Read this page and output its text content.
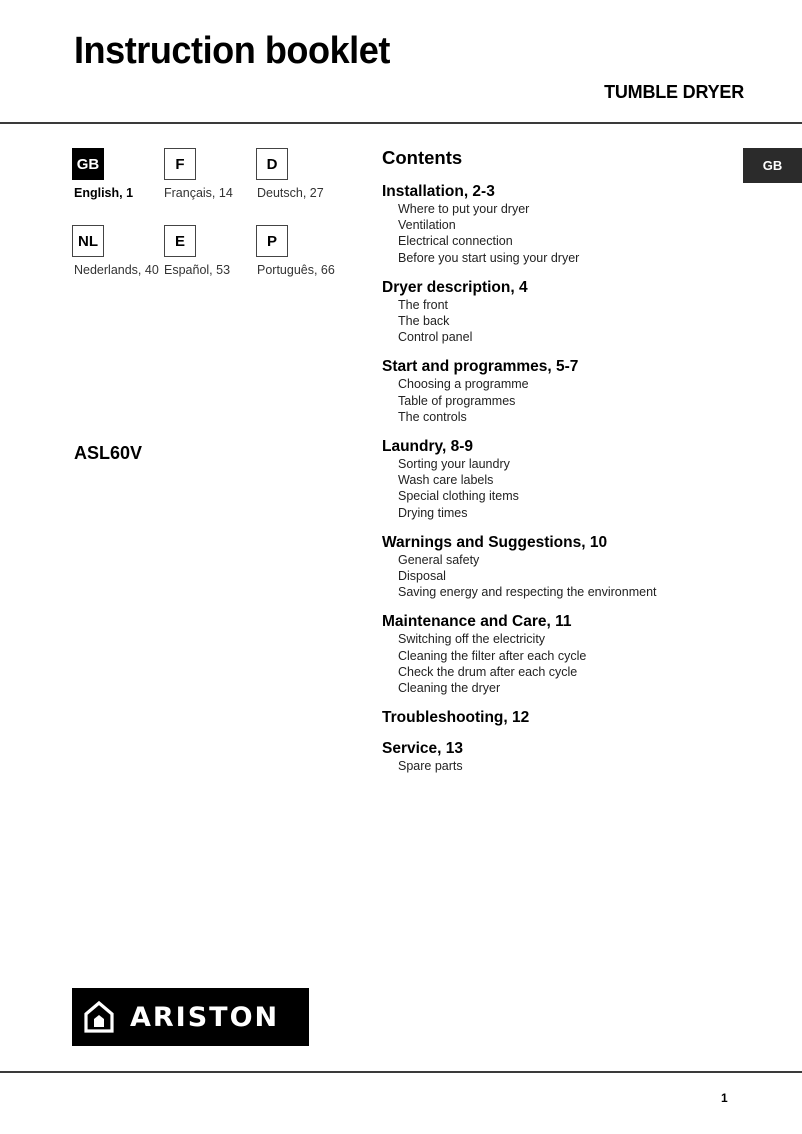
Instruction booklet
TUMBLE DRYER
GB
English, 1
F
Français, 14
D
Deutsch, 27
NL
Nederlands, 40
E
Español, 53
P
Português, 66
ASL60V
GB
Contents
Installation, 2-3
Where to put your dryer
Ventilation
Electrical connection
Before you start using your dryer
Dryer description, 4
The front
The back
Control panel
Start and programmes, 5-7
Choosing a programme
Table of programmes
The controls
Laundry, 8-9
Sorting your laundry
Wash care labels
Special clothing items
Drying times
Warnings and Suggestions, 10
General safety
Disposal
Saving energy and respecting the environment
Maintenance and Care, 11
Switching off the electricity
Cleaning the filter after each cycle
Check the drum after each cycle
Cleaning the dryer
Troubleshooting, 12
Service, 13
Spare parts
ARISTON
1
